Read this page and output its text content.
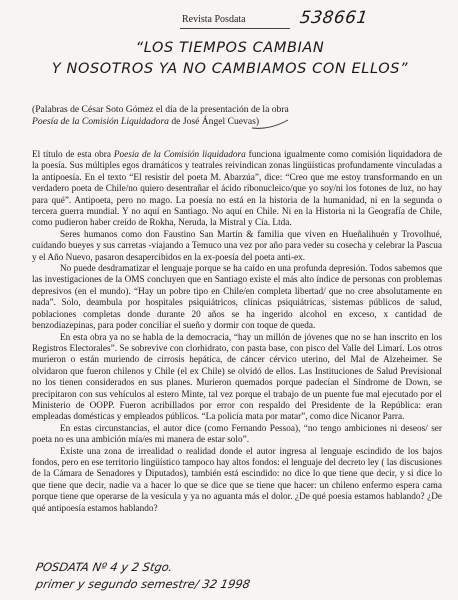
Revista Posdata	538661
“LOS TIEMPOS CAMBIAN
Y NOSOTROS YA NO CAMBIAMOS CON ELLOS”
(Palabras de César Soto Gómez el día de la presentación de la obra
Poesía de la Comisión Liquidadora de José Ángel Cuevas)

El título de esta obra Poesía de la Comisión liquidadora funciona igualmente como comisión liquidadora de la poesía. Sus múltiples egos dramáticos y teatrales reivindican zonas lingüísticas profundamente vinculadas a la antipoesía. En el texto “El resistir del poeta M. Abarzúa”, dice: “Creo que me estoy transformando en un verdadero poeta de Chile/no quiero desentrañar el ácido ribonucleico/que yo soy/ni los fotones de luz, no hay para qué”. Antipoeta, pero no mago. La poesía no está en la historia de la humanidad, ni en la segunda o tercera guerra mundial. Y no aquí en Santiago. No aquí en Chile. Ni en la Historia ni la Geografía de Chile, como pudieron haber creído de Rokha, Neruda, la Mistral y Cía. Ltda.

Seres humanos como don Faustino San Martín & familia que viven en Hueñalihuén y Trovolhué, cuidando bueyes y sus carretas -viajando a Temuco una vez por año para veder su cosecha y celebrar la Pascua y el Año Nuevo, pasaron desapercibidos en la ex-poesía del poeta anti-ex.

No puede desdramatizar el lenguaje porque se ha caído en una profunda depresión. Todos sabemos que las investigaciones de la OMS concluyen que en Santiago existe el más alto índice de personas con problemas depresivos (en el mundo). “Hay un pobre tipo en Chile/en completa libertad/ que no cree absolutamente en nada”. Solo, deambula por hospitales psiquiátricos, clínicas psiquiátricas, sistemas públicos de salud, poblaciones completas donde durante 20 años se ha ingerido alcohol en exceso, x cantidad de benzodiazepinas, para poder conciliar el sueño y dormir con toque de queda.

En esta obra ya no se habla de la democracia, “hay un millón de jóvenes que no se han inscrito en los Registros Electorales”. Se sobrevive con clorhidrato, con pasta base, con pisco del Valle del Limarí. Los otros murieron o están muriendo de cirrosis hepática, de cáncer cérvico uterino, del Mal de Alzeheimer. Se olvidaron que fueron chilenos y Chile (el ex Chile) se olvidó de ellos. Las Instituciones de Salud Previsional no los tienen considerados en sus planes. Murieron quemados porque padecían el Síndrome de Down, se precipitaron con sus vehículos al estero Minte, tal vez porque el trabajo de un puente fue mal ejecutado por el Ministerio de OOPP. Fueron acribillados por error con respaldo del Presidente de la República: eran empleadas domésticas y empleados públicos. “La policía mata por matar”, como dice Nicanor Parra.

En estas circunstancias, el autor dice (como Fernando Pessoa), “no tengo ambiciones ni deseos/ ser poeta no es una ambición mía/es mi manera de estar solo”.

Existe una zona de irrealidad o realidad donde el autor ingresa al lenguaje escindido de los bajos fondos, pero en ese territorio lingüístico tampoco hay altos fondos: el lenguaje del decreto ley ( las discusiones de la Cámara de Senadores y Diputados), también está escindido: no dice lo que tiene que decir, y si dice lo que tiene que decir, nadie va a hacer lo que se dice que se tiene que hacer: un chileno enfermo espera cama porque tiene que operarse de la vesícula y ya no aguanta más el dolor. ¿De qué poesía estamos hablando? ¿De qué antipoesía estamos hablando?

POSDATA Nº 4 y 2 Stgo.
primer y segundo semestre/ 32 1998
